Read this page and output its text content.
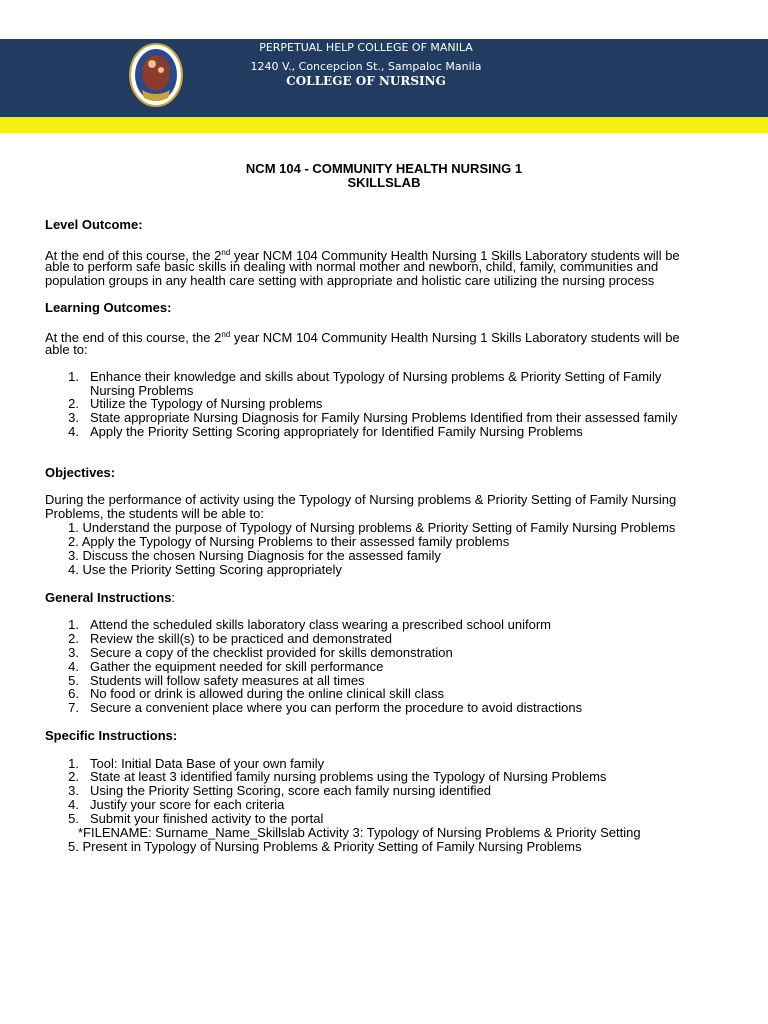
PERPETUAL HELP COLLEGE OF MANILA
1240 V., Concepcion St., Sampaloc Manila
COLLEGE OF NURSING
NCM 104 - COMMUNITY HEALTH NURSING 1
SKILLSLAB
Level Outcome:
At the end of this course, the 2nd year NCM 104 Community Health Nursing 1 Skills Laboratory students will be
able to perform safe basic skills in dealing with normal mother and newborn, child, family, communities and
population groups in any health care setting with appropriate and holistic care utilizing the nursing process
Learning Outcomes:
At the end of this course, the 2nd year NCM 104 Community Health Nursing 1 Skills Laboratory students will be
able to:
1. Enhance their knowledge and skills about Typology of Nursing problems & Priority Setting of Family
Nursing Problems
2. Utilize the Typology of Nursing problems
3. State appropriate Nursing Diagnosis for Family Nursing Problems Identified from their assessed family
4. Apply the Priority Setting Scoring appropriately for Identified Family Nursing Problems
Objectives:
During the performance of activity using the Typology of Nursing problems & Priority Setting of Family Nursing
Problems, the students will be able to:
1. Understand the purpose of Typology of Nursing problems & Priority Setting of Family Nursing Problems
2. Apply the Typology of Nursing Problems to their assessed family problems
3. Discuss the chosen Nursing Diagnosis for the assessed family
4. Use the Priority Setting Scoring appropriately
General Instructions:
1. Attend the scheduled skills laboratory class wearing a prescribed school uniform
2. Review the skill(s) to be practiced and demonstrated
3. Secure a copy of the checklist provided for skills demonstration
4. Gather the equipment needed for skill performance
5. Students will follow safety measures at all times
6. No food or drink is allowed during the online clinical skill class
7. Secure a convenient place where you can perform the procedure to avoid distractions
Specific Instructions:
1. Tool: Initial Data Base of your own family
2. State at least 3 identified family nursing problems using the Typology of Nursing Problems
3. Using the Priority Setting Scoring, score each family nursing identified
4. Justify your score for each criteria
5. Submit your finished activity to the portal
*FILENAME: Surname_Name_Skillslab Activity 3: Typology of Nursing Problems & Priority Setting
5. Present in Typology of Nursing Problems & Priority Setting of Family Nursing Problems
